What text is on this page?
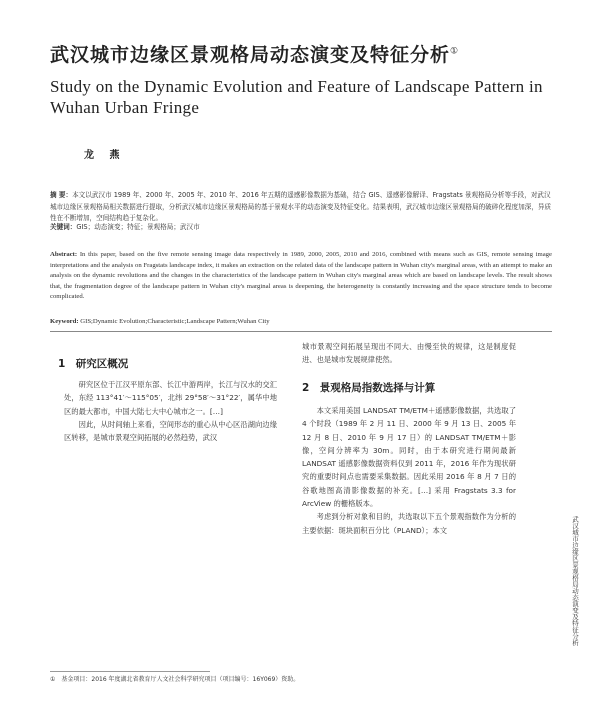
武汉城市边缘区景观格局动态演变及特征分析①
Study on the Dynamic Evolution and Feature of Landscape Pattern in Wuhan Urban Fringe
龙 燕
摘 要：本文以武汉市 1989 年、2000 年、2005 年、2010 年、2016 年五期的遥感影像数据为基础，结合 GIS、遥感影像解译、Fragstats 景观格局分析等手段，对武汉城市边缘区景观格局相关数据进行提取，分析武汉城市边缘区景观格局的基于景观水平的动态演变及特征变化。结果表明，武汉城市边缘区景观格局的破碎化程度加深，异质性在不断增加，空间结构趋于复杂化。
关键词：GIS；动态演变；特征；景观格局；武汉市
Abstract: In this paper, based on the five remote sensing image data respectively in 1989, 2000, 2005, 2010 and 2016, combined with means such as GIS, remote sensing image interpretations and the analysis on Fragstats landscape index, it makes an extraction on the related data of the landscape pattern in Wuhan city's marginal areas, with an attempt to make an analysis on the dynamic revolutions and the changes in the characteristics of the landscape pattern in Wuhan city's marginal areas which are based on landscape levels. The result shows that, the fragmentation degree of the landscape pattern in Wuhan city's marginal areas is deepening, the heterogeneity is constantly increasing and the space structure tends to become complicated.
Keyword: GIS;Dynamic Evolution;Characteristic;Landscape Pattern;Wuhan City
1　研究区概况

研究区位于江汉平原东部、长江中游两岸，长江与汉水的交汇处，东经 113°41′～115°05′，北纬 29°58′～31°22′，属华中地区的最大都市，中国大陆七大中心城市之一。[…]

因此，从时间轴上来看，空间形态的重心从中心区沿湖向边缘区转移，是城市景观空间拓展的必然趋势，武汉

城市景观空间拓展呈现出不同大、由慢至快的规律，这是制度促进、也是城市发展规律使然。

2　景观格局指数选择与计算

本文采用美国 LANDSAT TM/ETM＋遥感影像数据，共选取了 4 个时段（1989 年 2 月 11 日、2000 年 9 月 13 日、2005 年 12 月 8 日、2010 年 9 月 17 日）的 LANDSAT TM/ETM＋影像，空间分辨率为 30m。同时，由于本研究进行期间最新 LANDSAT 遥感影像数据资料仅到 2011 年，2016 年作为现状研究的重要时间点也需要采集数据。因此采用 2016 年 8 月 7 日的谷歌地图高清影像数据的补充。[…] 采用 Fragstats 3.3 for ArcView 的栅格版本。

考虑到分析对象和目的，共选取以下五个景观指数作为分析的主要依据：斑块面积百分比（PLAND）；本文	武汉城市边缘区景观格局动态演变及特征分析
①　基金项目：2016 年度湖北省教育厅人文社会科学研究项目（项目编号：16Y069）资助。
